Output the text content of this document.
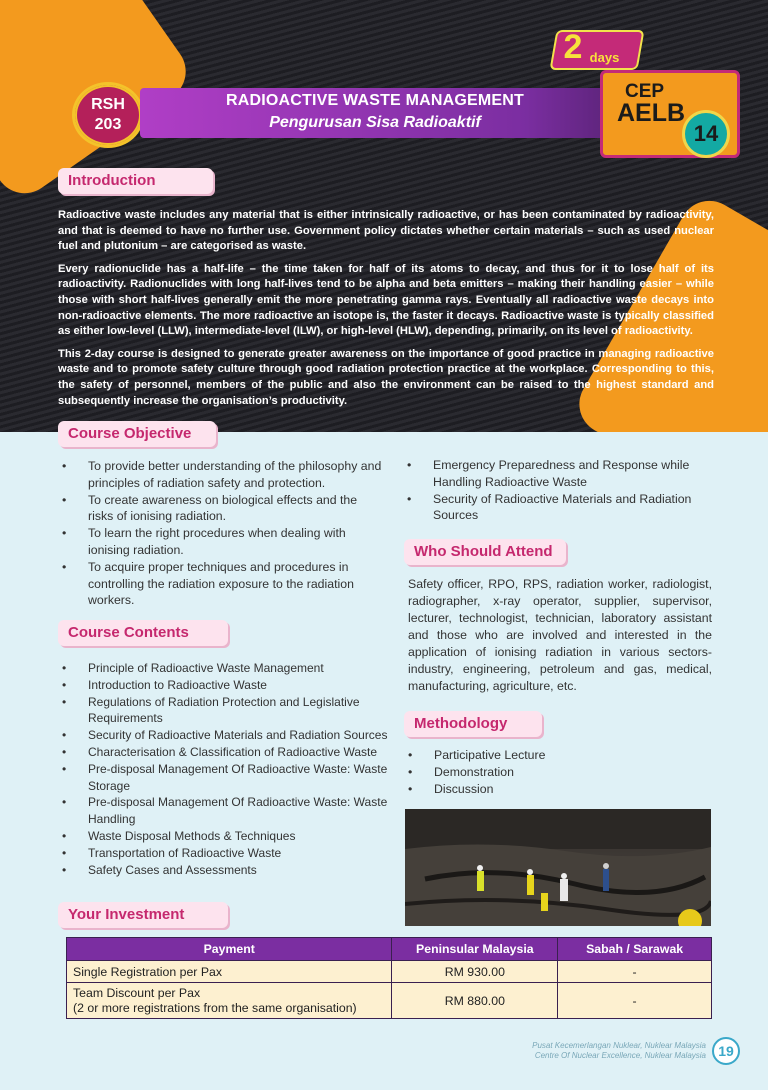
RSH
203
RADIOACTIVE WASTE MANAGEMENT
Pengurusan Sisa Radioaktif
2 days
CEP
AELB
14
Introduction

Radioactive waste includes any material that is either intrinsically radioactive, or has been contaminated by radioactivity, and that is deemed to have no further use. Government policy dictates whether certain materials – such as used nuclear fuel and plutonium – are categorised as waste.

Every radionuclide has a half-life – the time taken for half of its atoms to decay, and thus for it to lose half of its radioactivity. Radionuclides with long half-lives tend to be alpha and beta emitters – making their handling easier – while those with short half-lives generally emit the more penetrating gamma rays. Eventually all radioactive waste decays into non-radioactive elements. The more radioactive an isotope is, the faster it decays. Radioactive waste is typically classified as either low-level (LLW), intermediate-level (ILW), or high-level (HLW), depending, primarily, on its level of radioactivity.

This 2-day course is designed to generate greater awareness on the importance of good practice in managing radioactive waste and to promote safety culture through good radiation protection practice at the workplace. Corresponding to this, the safety of personnel, members of the public and also the environment can be raised to the highest standard and subsequently increase the organisation’s productivity.

Course Objective
• To provide better understanding of the philosophy and principles of radiation safety and protection.
• To create awareness on biological effects and the risks of ionising radiation.
• To learn the right procedures when dealing with ionising radiation.
• To acquire proper techniques and procedures in controlling the radiation exposure to the radiation workers.
• Emergency Preparedness and Response while Handling Radioactive Waste
• Security of Radioactive Materials and Radiation Sources
Who Should Attend
Safety officer, RPO, RPS, radiation worker, radiologist, radiographer, x-ray operator, supplier, supervisor, lecturer, technologist, technician, laboratory assistant and those who are involved and interested in the application of ionising radiation in various sectors-industry, engineering, petroleum and gas, medical, manufacturing, agriculture, etc.
Course Contents
• Principle of Radioactive Waste Management
• Introduction to Radioactive Waste
• Regulations of Radiation Protection and Legislative Requirements
• Security of Radioactive Materials and Radiation Sources
• Characterisation & Classification of Radioactive Waste
• Pre-disposal Management Of Radioactive Waste: Waste Storage
• Pre-disposal Management Of Radioactive Waste: Waste Handling
• Waste Disposal Methods & Techniques
• Transportation of Radioactive Waste
• Safety Cases and Assessments
Methodology
• Participative Lecture
• Demonstration
• Discussion
Your Investment
Payment	Peninsular Malaysia	Sabah / Sarawak
Single Registration per Pax	RM 930.00	-

Team Discount per Pax
(2 or more registrations from the same organisation)	RM 880.00	-
Pusat Kecemerlangan Nuklear, Nuklear Malaysia
Centre Of Nuclear Excellence, Nuklear Malaysia 19
